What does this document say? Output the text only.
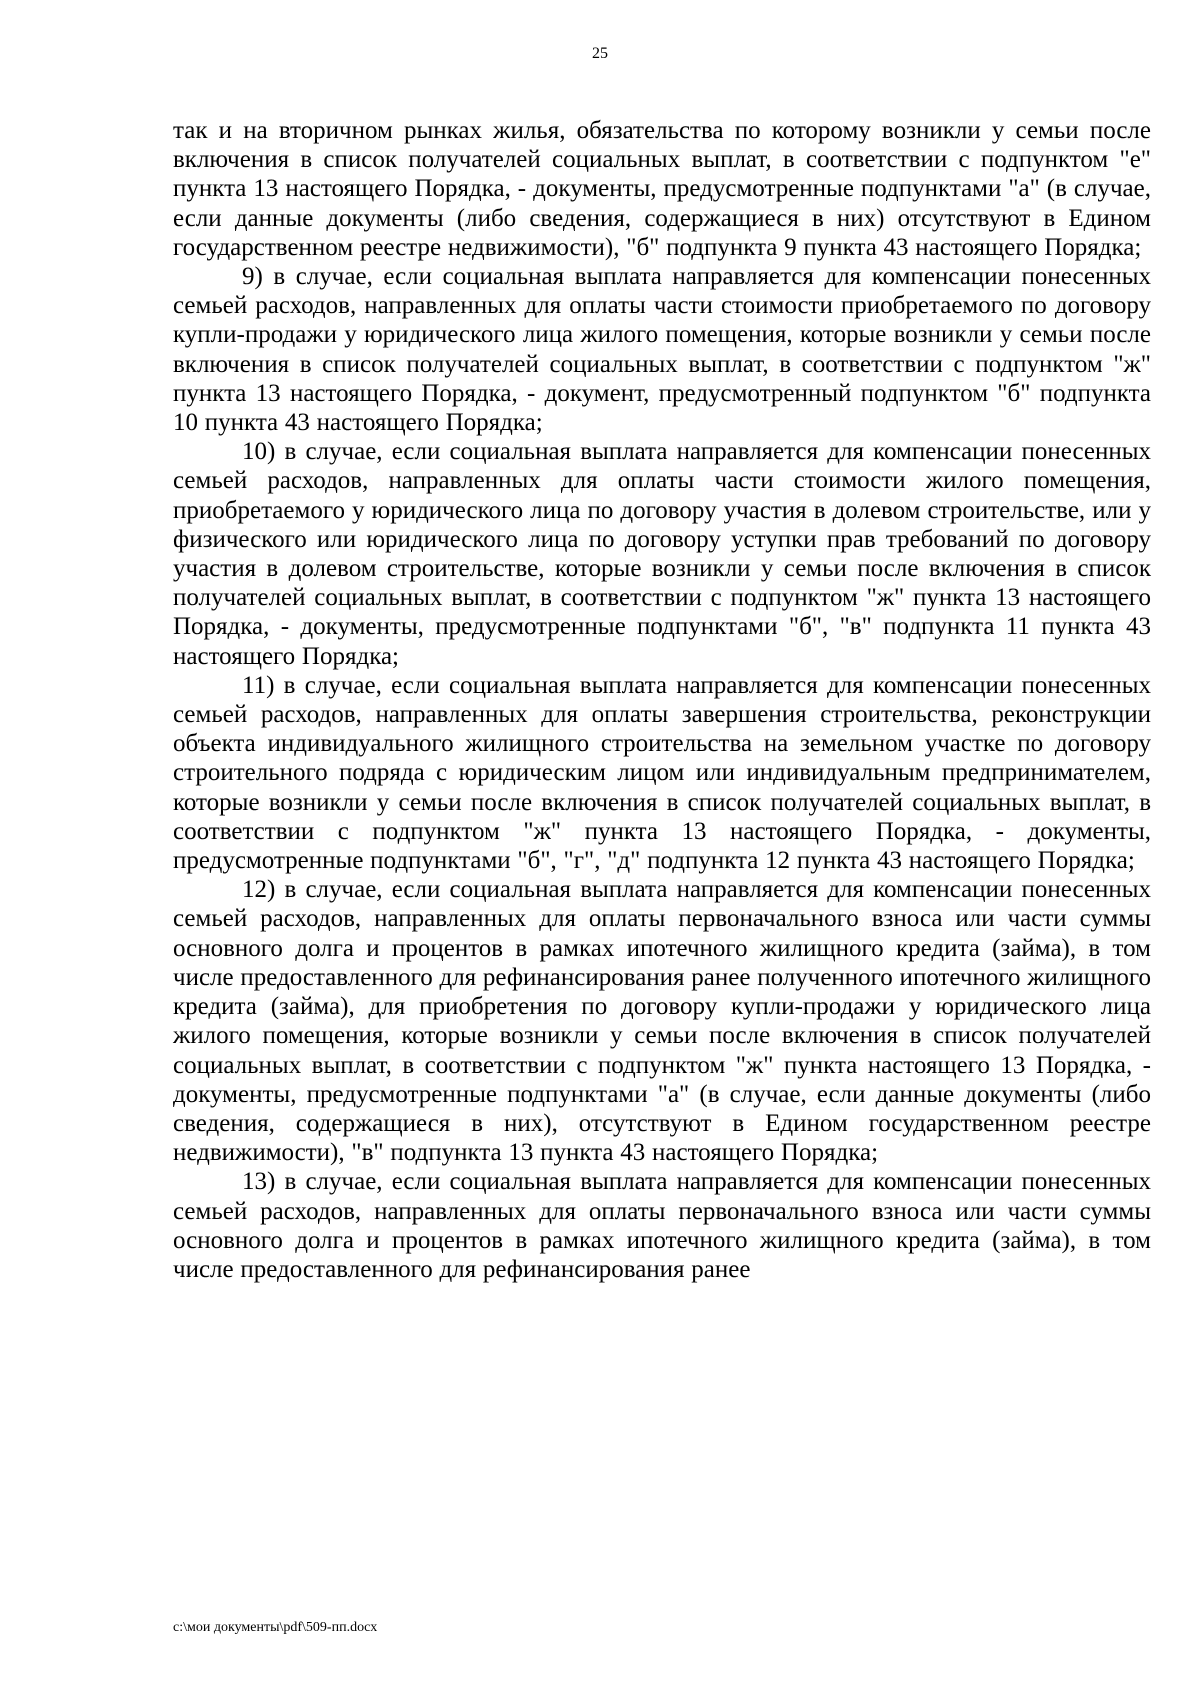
25

так и на вторичном рынках жилья, обязательства по которому возникли у семьи после включения в список получателей социальных выплат, в соответствии с подпунктом "е" пункта 13 настоящего Порядка, - документы, предусмотренные подпунктами "а" (в случае, если данные документы (либо сведения, содержащиеся в них) отсутствуют в Едином государственном реестре недвижимости), "б" подпункта 9 пункта 43 настоящего Порядка;

9) в случае, если социальная выплата направляется для компенсации понесенных семьей расходов, направленных для оплаты части стоимости приобретаемого по договору купли-продажи у юридического лица жилого помещения, которые возникли у семьи после включения в список получателей социальных выплат, в соответствии с подпунктом "ж" пункта 13 настоящего Порядка, - документ, предусмотренный подпунктом "б" подпункта 10 пункта 43 настоящего Порядка;

10) в случае, если социальная выплата направляется для компенсации понесенных семьей расходов, направленных для оплаты части стоимости жилого помещения, приобретаемого у юридического лица по договору участия в долевом строительстве, или у физического или юридического лица по договору уступки прав требований по договору участия в долевом строительстве, которые возникли у семьи после включения в список получателей социальных выплат, в соответствии с подпунктом "ж" пункта 13 настоящего Порядка, - документы, предусмотренные подпунктами "б", "в" подпункта 11 пункта 43 настоящего Порядка;

11) в случае, если социальная выплата направляется для компенсации понесенных семьей расходов, направленных для оплаты завершения строительства, реконструкции объекта индивидуального жилищного строительства на земельном участке по договору строительного подряда с юридическим лицом или индивидуальным предпринимателем, которые возникли у семьи после включения в список получателей социальных выплат, в соответствии с подпунктом "ж" пункта 13 настоящего Порядка, - документы, предусмотренные подпунктами "б", "г", "д" подпункта 12 пункта 43 настоящего Порядка;

12) в случае, если социальная выплата направляется для компенсации понесенных семьей расходов, направленных для оплаты первоначального взноса или части суммы основного долга и процентов в рамках ипотечного жилищного кредита (займа), в том числе предоставленного для рефинансирования ранее полученного ипотечного жилищного кредита (займа), для приобретения по договору купли-продажи у юридического лица жилого помещения, которые возникли у семьи после включения в список получателей социальных выплат, в соответствии с подпунктом "ж" пункта настоящего 13 Порядка, - документы, предусмотренные подпунктами "а" (в случае, если данные документы (либо сведения, содержащиеся в них), отсутствуют в Едином государственном реестре недвижимости), "в" подпункта 13 пункта 43 настоящего Порядка;

13) в случае, если социальная выплата направляется для компенсации понесенных семьей расходов, направленных для оплаты первоначального взноса или части суммы основного долга и процентов в рамках ипотечного жилищного кредита (займа), в том числе предоставленного для рефинансирования ранее

c:\мои документы\pdf\509-пп.docx
